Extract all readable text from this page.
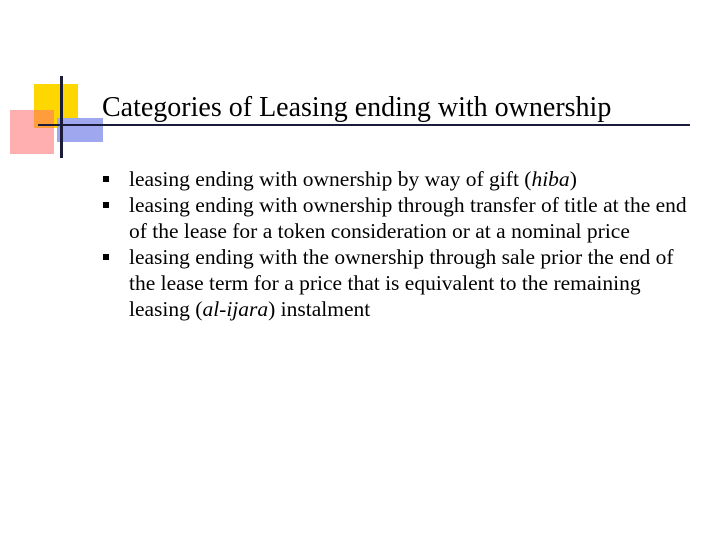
Categories of Leasing ending with ownership
leasing ending with ownership by way of gift (hiba)
leasing ending with ownership through transfer of title at the end of the lease for a token consideration or at a nominal price
leasing ending with the ownership through sale prior the end of the lease term for a price that is equivalent to the remaining leasing (al-ijara) instalment
